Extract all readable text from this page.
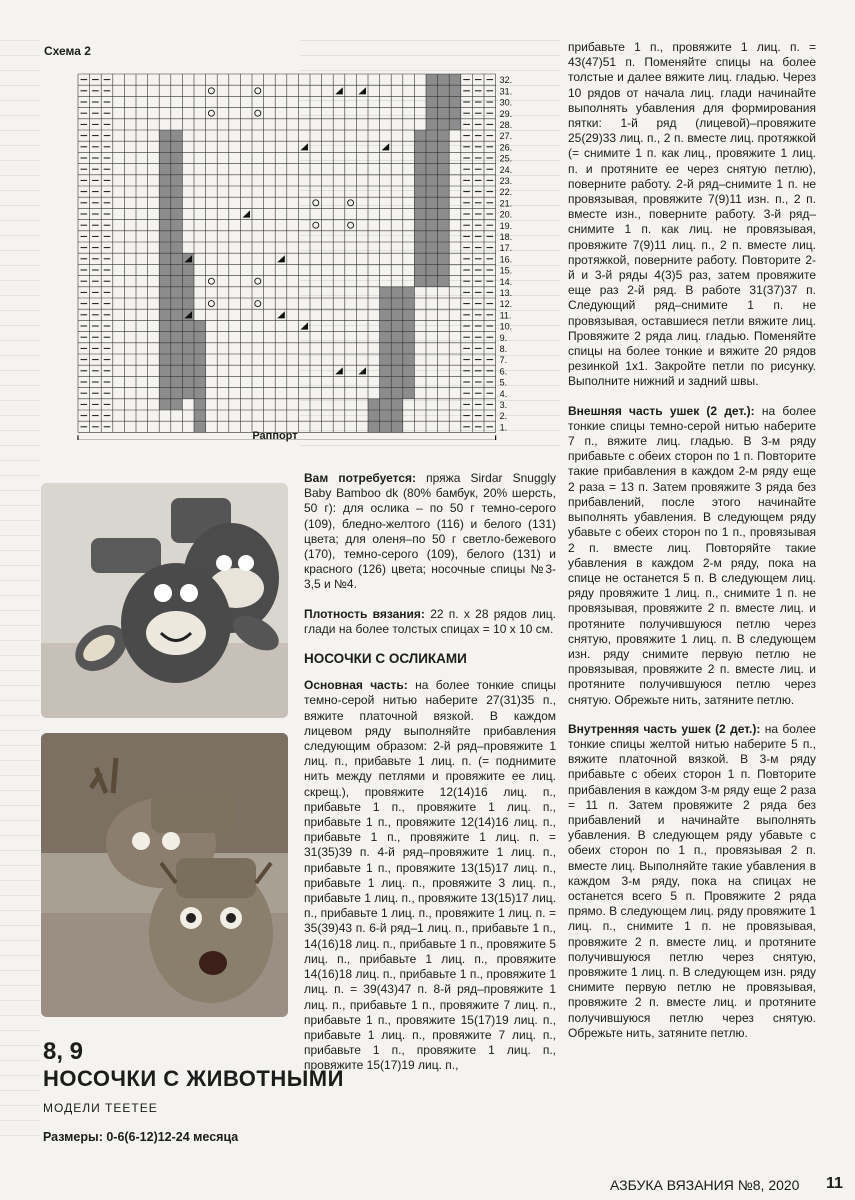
Схема 2
32.
31.
30.
29.
28.
27.
26.
25.
24.
23.
22.
21.
20.
19.
18.
17.
16.
15.
14.
13.
12.
11.
10.
9.
8.
7.
6.
5.
4.
3.
2.
1.
Раппорт
8, 9
НОСОЧКИ С ЖИВОТНЫМИ
МОДЕЛИ TEETEE
Размеры: 0-6(6-12)12-24 месяца

Вам потребуется: пряжа Sirdar Snuggly Baby Bamboo dk (80% бамбук, 20% шерсть, 50 г): для ослика – по 50 г темно-серого (109), бледно-желтого (116) и белого (131) цвета; для оленя–по 50 г светло-бежевого (170), темно-серого (109), белого (131) и красного (126) цвета; носочные спицы №3-3,5 и №4.

Плотность вязания: 22 п. х 28 рядов лиц. глади на более толстых спицах = 10 х 10 см.

НОСОЧКИ С ОСЛИКАМИ

Основная часть: на более тонкие спицы темно-серой нитью наберите 27(31)35 п., вяжите платочной вязкой. В каждом лицевом ряду выполняйте прибавления следующим образом: 2-й ряд–провяжите 1 лиц. п., прибавьте 1 лиц. п. (= поднимите нить между петлями и провяжите ее лиц. скрещ.), провяжите 12(14)16 лиц. п., прибавьте 1 п., провяжите 1 лиц. п., прибавьте 1 п., провяжите 12(14)16 лиц. п., прибавьте 1 п., провяжите 1 лиц. п. = 31(35)39 п. 4-й ряд–провяжите 1 лиц. п., прибавьте 1 п., провяжите 13(15)17 лиц. п., прибавьте 1 лиц. п., провяжите 3 лиц. п., прибавьте 1 лиц. п., провяжите 13(15)17 лиц. п., прибавьте 1 лиц. п., провяжите 1 лиц. п. = 35(39)43 п. 6-й ряд–1 лиц. п., прибавьте 1 п., 14(16)18 лиц. п., прибавьте 1 п., провяжите 5 лиц. п., прибавьте 1 лиц. п., провяжите 14(16)18 лиц. п., прибавьте 1 п., провяжите 1 лиц. п. = 39(43)47 п. 8-й ряд–провяжите 1 лиц. п., прибавьте 1 п., провяжите 7 лиц. п., прибавьте 1 п., провяжите 15(17)19 лиц. п., прибавьте 1 лиц. п., провяжите 7 лиц. п., прибавьте 1 п., провяжите 1 лиц. п., провяжите 15(17)19 лиц. п.,

прибавьте 1 п., провяжите 1 лиц. п. = 43(47)51 п. Поменяйте спицы на более толстые и далее вяжите лиц. гладью. Через 10 рядов от начала лиц. глади начинайте выполнять убавления для формирования пятки: 1-й ряд (лицевой)–провяжите 25(29)33 лиц. п., 2 п. вместе лиц. протяжкой (= снимите 1 п. как лиц., провяжите 1 лиц. п. и протяните ее через снятую петлю), поверните работу. 2-й ряд–снимите 1 п. не провязывая, провяжите 7(9)11 изн. п., 2 п. вместе изн., поверните работу. 3-й ряд–снимите 1 п. как лиц. не провязывая, провяжите 7(9)11 лиц. п., 2 п. вместе лиц. протяжкой, поверните работу. Повторите 2-й и 3-й ряды 4(3)5 раз, затем провяжите еще раз 2-й ряд. В работе 31(37)37 п. Следующий ряд–снимите 1 п. не провязывая, оставшиеся петли вяжите лиц. Провяжите 2 ряда лиц. гладью. Поменяйте спицы на более тонкие и вяжите 20 рядов резинкой 1х1. Закройте петли по рисунку. Выполните нижний и задний швы.

Внешняя часть ушек (2 дет.): на более тонкие спицы темно-серой нитью наберите 7 п., вяжите лиц. гладью. В 3-м ряду прибавьте с обеих сторон по 1 п. Повторите такие прибавления в каждом 2-м ряду еще 2 раза = 13 п. Затем провяжите 3 ряда без прибавлений, после этого начинайте выполнять убавления. В следующем ряду убавьте с обеих сторон по 1 п., провязывая 2 п. вместе лиц. Повторяйте такие убавления в каждом 2-м ряду, пока на спице не останется 5 п. В следующем лиц. ряду провяжите 1 лиц. п., снимите 1 п. не провязывая, провяжите 2 п. вместе лиц. и протяните получившуюся петлю через снятую, провяжите 1 лиц. п. В следующем изн. ряду снимите первую петлю не провязывая, провяжите 2 п. вместе лиц. и протяните получившуюся петлю через снятую. Обрежьте нить, затяните петлю.

Внутренняя часть ушек (2 дет.): на более тонкие спицы желтой нитью наберите 5 п., вяжите платочной вязкой. В 3-м ряду прибавьте с обеих сторон 1 п. Повторите прибавления в каждом 3-м ряду еще 2 раза = 11 п. Затем провяжите 2 ряда без прибавлений и начинайте выполнять убавления. В следующем ряду убавьте с обеих сторон по 1 п., провязывая 2 п. вместе лиц. Выполняйте такие убавления в каждом 3-м ряду, пока на спицах не останется всего 5 п. Провяжите 2 ряда прямо. В следующем лиц. ряду провяжите 1 лиц. п., снимите 1 п. не провязывая, провяжите 2 п. вместе лиц. и протяните получившуюся петлю через снятую, провяжите 1 лиц. п. В следующем изн. ряду снимите первую петлю не провязывая, провяжите 2 п. вместе лиц. и протяните получившуюся петлю через снятую. Обрежьте нить, затяните петлю.

АЗБУКА ВЯЗАНИЯ №8, 2020 11
